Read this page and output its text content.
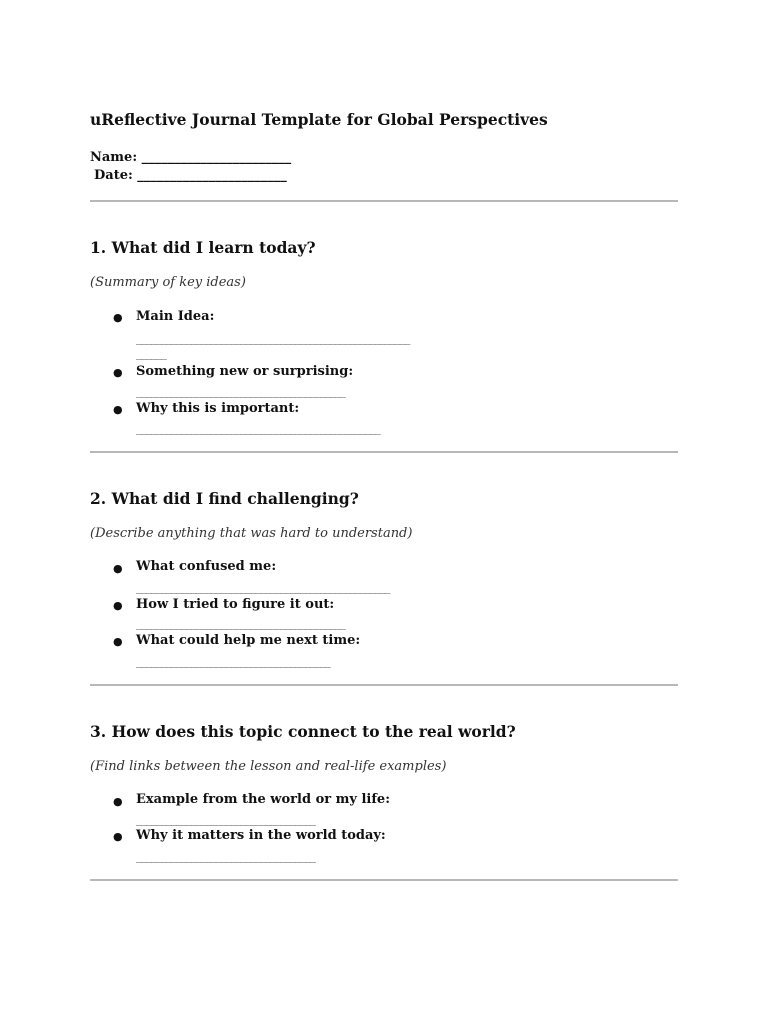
uReflective Journal Template for Global Perspectives
Name: _______________________
Date: _______________________
1. What did I learn today?
(Summary of key ideas)
● Main Idea:
_______________________________________________________
______
● Something new or surprising:
__________________________________________
● Why this is important:
_________________________________________________
2. What did I find challenging?
(Describe anything that was hard to understand)
● What confused me:
___________________________________________________
● How I tried to figure it out:
__________________________________________
● What could help me next time:
_______________________________________
3. How does this topic connect to the real world?
(Find links between the lesson and real-life examples)
● Example from the world or my life:
____________________________________
● Why it matters in the world today:
____________________________________
